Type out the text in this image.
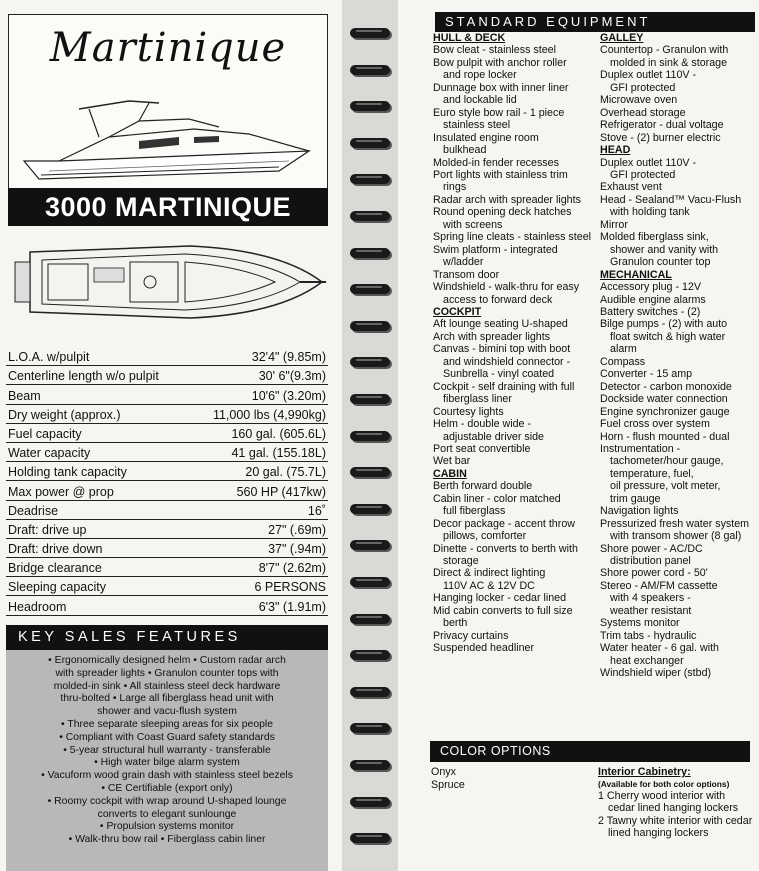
Martinique
3000 MARTINIQUE
L.O.A. w/pulpit	32'4" (9.85m)
Centerline length w/o pulpit	30' 6"(9.3m)
Beam	10'6" (3.20m)
Dry weight (approx.)	11,000 lbs (4,990kg)
Fuel capacity	160 gal. (605.6L)
Water capacity	41 gal. (155.18L)
Holding tank capacity	20 gal. (75.7L)
Max power @ prop	560 HP (417kw)
Deadrise	16˚
Draft: drive up	27" (.69m)
Draft: drive down	37" (.94m)
Bridge clearance	8'7" (2.62m)
Sleeping capacity	6 PERSONS
Headroom	6'3" (1.91m)
KEY SALES FEATURES
• Ergonomically designed helm • Custom radar arch
with spreader lights • Granulon counter tops with
molded-in sink • All stainless steel deck hardware
thru-bolted • Large all fiberglass head unit with
shower and vacu-flush system
• Three separate sleeping areas for six people
• Compliant with Coast Guard safety standards
• 5-year structural hull warranty - transferable
• High water bilge alarm system
• Vacuform wood grain dash with stainless steel bezels
• CE Certifiable (export only)
• Roomy cockpit with wrap around U-shaped lounge
converts to elegant sunlounge
• Propulsion systems monitor
• Walk-thru bow rail • Fiberglass cabin liner
STANDARD EQUIPMENT
HULL & DECK
Bow cleat - stainless steel
Bow pulpit with anchor roller
and rope locker
Dunnage box with inner liner
and lockable lid
Euro style bow rail - 1 piece
stainless steel
Insulated engine room
bulkhead
Molded-in fender recesses
Port lights with stainless trim
rings
Radar arch with spreader lights
Round opening deck hatches
with screens
Spring line cleats - stainless steel
Swim platform - integrated
w/ladder
Transom door
Windshield - walk-thru for easy
access to forward deck
COCKPIT
Aft lounge seating U-shaped
Arch with spreader lights
Canvas - bimini top with boot
and windshield connector -
Sunbrella - vinyl coated
Cockpit - self draining with full
fiberglass liner
Courtesy lights
Helm - double wide -
adjustable driver side
Port seat convertible
Wet bar
CABIN
Berth forward double
Cabin liner - color matched
full fiberglass
Decor package - accent throw
pillows, comforter
Dinette - converts to berth with
storage
Direct & indirect lighting
110V AC & 12V DC
Hanging locker - cedar lined
Mid cabin converts to full size
berth
Privacy curtains
Suspended headliner
GALLEY
Countertop - Granulon with
molded in sink & storage
Duplex outlet 110V -
GFI protected
Microwave oven
Overhead storage
Refrigerator - dual voltage
Stove - (2) burner electric
HEAD
Duplex outlet 110V -
GFI protected
Exhaust vent
Head - Sealand™ Vacu-Flush
with holding tank
Mirror
Molded fiberglass sink,
shower and vanity with
Granulon counter top
MECHANICAL
Accessory plug - 12V
Audible engine alarms
Battery switches - (2)
Bilge pumps - (2) with auto
float switch & high water
alarm
Compass
Converter - 15 amp
Detector - carbon monoxide
Dockside water connection
Engine synchronizer gauge
Fuel cross over system
Horn - flush mounted - dual
Instrumentation -
tachometer/hour gauge,
temperature, fuel,
oil pressure, volt meter,
trim gauge
Navigation lights
Pressurized fresh water system
with transom shower (8 gal)
Shore power - AC/DC
distribution panel
Shore power cord - 50'
Stereo - AM/FM cassette
with 4 speakers -
weather resistant
Systems monitor
Trim tabs - hydraulic
Water heater - 6 gal. with
heat exchanger
Windshield wiper (stbd)
COLOR OPTIONS
Onyx
Spruce
Interior Cabinetry:
(Available for both color options)
1 Cherry wood interior with
cedar lined hanging lockers
2 Tawny white interior with cedar
lined hanging lockers
